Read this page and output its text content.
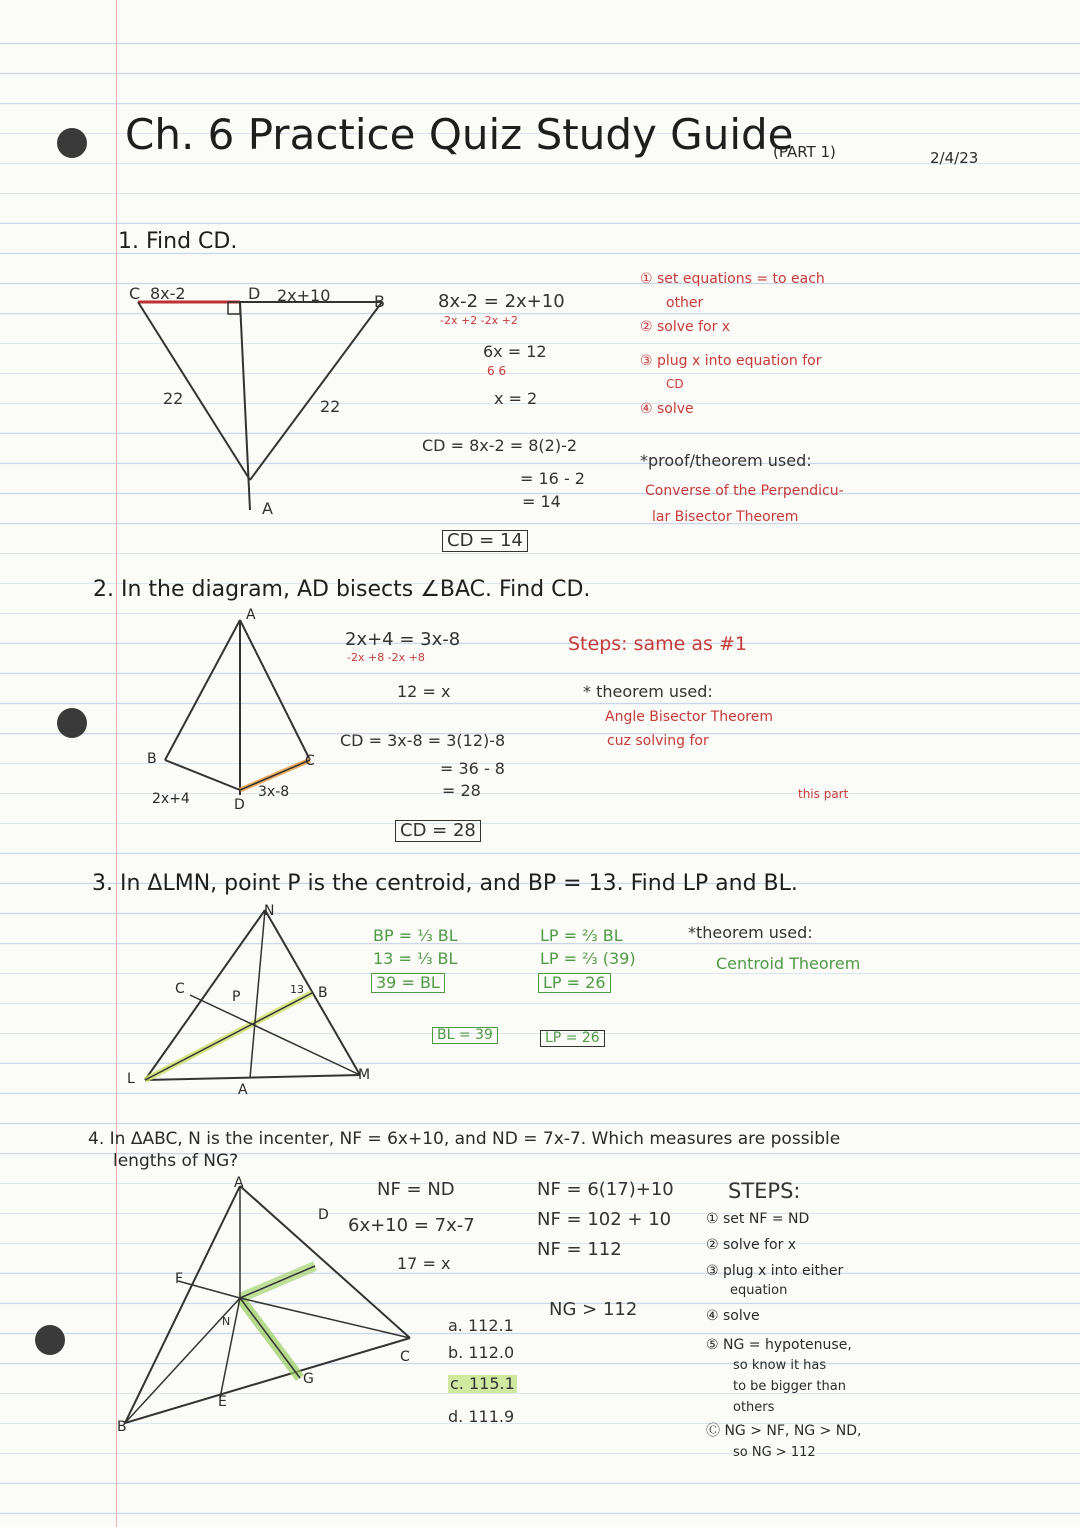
Ch. 6 Practice Quiz Study Guide
(PART 1)	2/4/23
1. Find CD.
C 8x-2	D 2x+10	B
22	22
A
8x-2 = 2x+10
-2x +2 -2x +2
6x = 12
6 6
x = 2
CD = 8x-2 = 8(2)-2
= 16 - 2
= 14
CD = 14
① set equations = to each
other
② solve for x
③ plug x into equation for
CD
④ solve
*proof/theorem used:
Converse of the Perpendicu-
lar Bisector Theorem
2. In the diagram, AD bisects ∠BAC. Find CD.
A
B	C
D
2x+4	3x-8
2x+4 = 3x-8
-2x +8 -2x +8
12 = x
CD = 3x-8 = 3(12)-8
= 36 - 8
= 28
CD = 28
Steps: same as #1
* theorem used:
Angle Bisector Theorem
cuz solving for
this part
3. In ΔLMN, point P is the centroid, and BP = 13. Find LP and BL.
N
C	B
P	13
L
A
M
BP = ⅓ BL
13 = ⅓ BL
39 = BL
LP = ⅔ BL
LP = ⅔ (39)
LP = 26
BL = 39	LP = 26
*theorem used:
Centroid Theorem
4. In ΔABC, N is the incenter, NF = 6x+10, and ND = 7x-7. Which measures are possible
lengths of NG?
A
D
F
N
G
C
E
B
NF = ND
6x+10 = 7x-7
17 = x
NF = 6(17)+10
NF = 102 + 10
NF = 112
NG > 112
a. 112.1
b. 112.0
c. 115.1
d. 111.9
STEPS:
① set NF = ND
② solve for x
③ plug x into either
equation
④ solve
⑤ NG = hypotenuse,
so know it has
to be bigger than
others
Ⓒ NG > NF, NG > ND,
so NG > 112
